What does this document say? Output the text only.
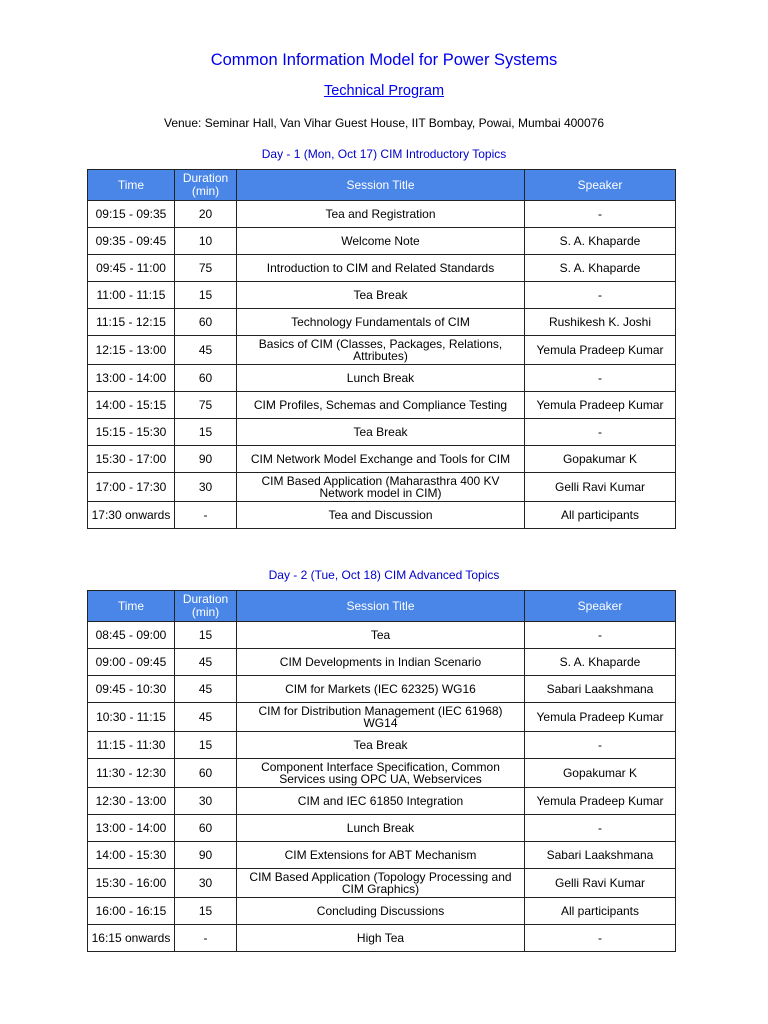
Common Information Model for Power Systems
Technical Program
Venue: Seminar Hall, Van Vihar Guest House, IIT Bombay, Powai, Mumbai 400076
Day - 1 (Mon, Oct 17) CIM Introductory Topics
Time	Duration (min)	Session Title	Speaker
09:15 - 09:35	20	Tea and Registration	-
09:35 - 09:45	10	Welcome Note	S. A. Khaparde
09:45 - 11:00	75	Introduction to CIM and Related Standards	S. A. Khaparde
11:00 - 11:15	15	Tea Break	-
11:15 - 12:15	60	Technology Fundamentals of CIM	Rushikesh K. Joshi
12:15 - 13:00	45	Basics of CIM (Classes, Packages, Relations, Attributes)	Yemula Pradeep Kumar
13:00 - 14:00	60	Lunch Break	-
14:00 - 15:15	75	CIM Profiles, Schemas and Compliance Testing	Yemula Pradeep Kumar
15:15 - 15:30	15	Tea Break	-
15:30 - 17:00	90	CIM Network Model Exchange and Tools for CIM	Gopakumar K
17:00 - 17:30	30	CIM Based Application (Maharasthra 400 KV Network model in CIM)	Gelli Ravi Kumar
17:30 onwards	-	Tea and Discussion	All participants
Day - 2 (Tue, Oct 18) CIM Advanced Topics
Time	Duration (min)	Session Title	Speaker
08:45 - 09:00	15	Tea	-
09:00 - 09:45	45	CIM Developments in Indian Scenario	S. A. Khaparde
09:45 - 10:30	45	CIM for Markets (IEC 62325) WG16	Sabari Laakshmana
10:30 - 11:15	45	CIM for Distribution Management (IEC 61968) WG14	Yemula Pradeep Kumar
11:15 - 11:30	15	Tea Break	-
11:30 - 12:30	60	Component Interface Specification, Common Services using OPC UA, Webservices	Gopakumar K
12:30 - 13:00	30	CIM and IEC 61850 Integration	Yemula Pradeep Kumar
13:00 - 14:00	60	Lunch Break	-
14:00 - 15:30	90	CIM Extensions for ABT Mechanism	Sabari Laakshmana
15:30 - 16:00	30	CIM Based Application (Topology Processing and CIM Graphics)	Gelli Ravi Kumar
16:00 - 16:15	15	Concluding Discussions	All participants
16:15 onwards	-	High Tea	-
